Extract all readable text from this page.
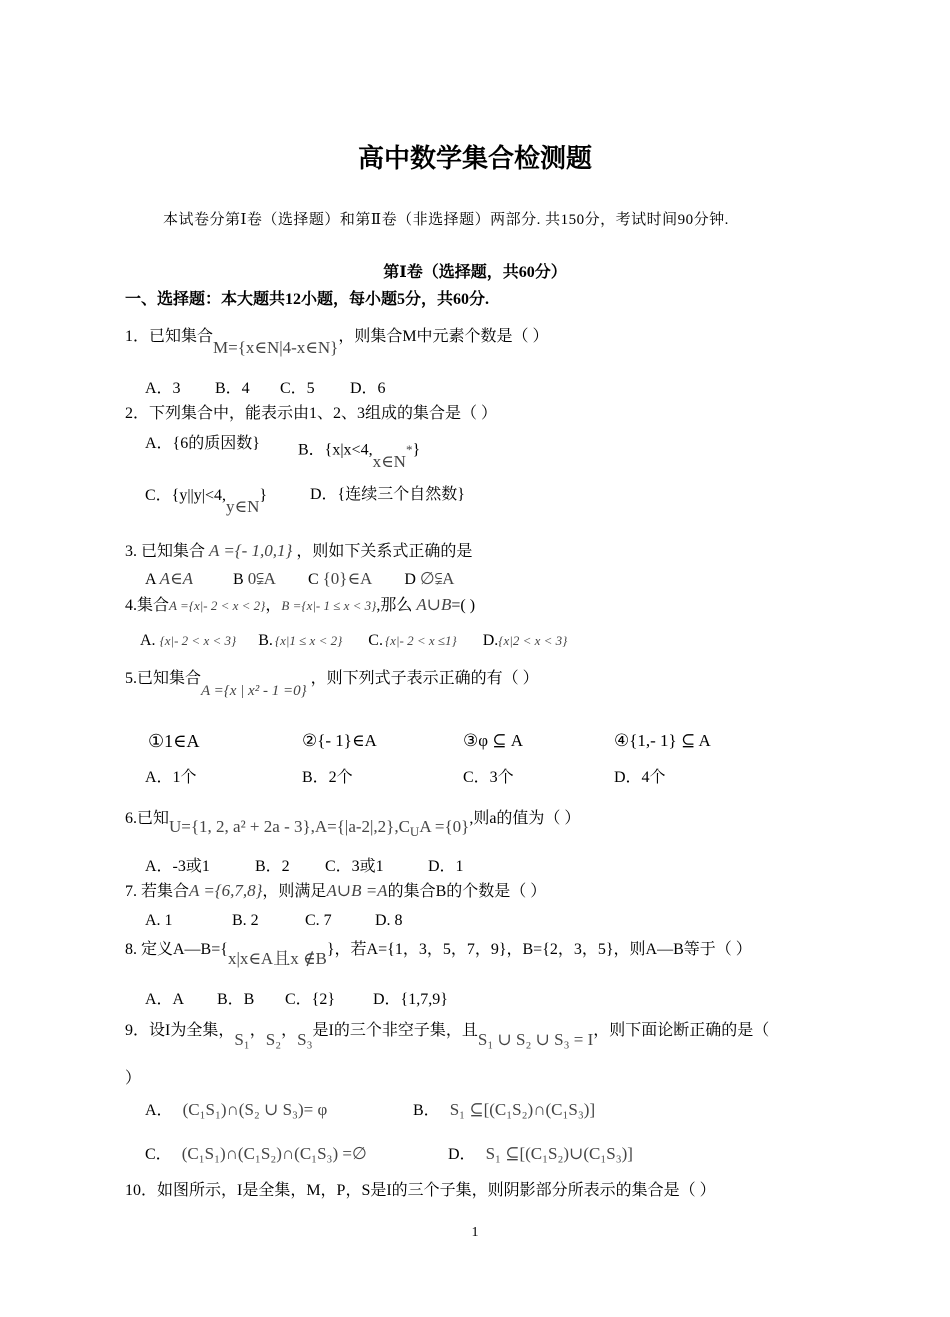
高中数学集合检测题
本试卷分第Ⅰ卷（选择题）和第Ⅱ卷（非选择题）两部分. 共150分，考试时间90分钟.
第Ⅰ卷（选择题，共60分）
一、选择题：本大题共12小题，每小题5分，共60分.
1．已知集合M={x∈N|4-x∈N}，则集合M中元素个数是（ ）
A．3 B．4 C．5 D．6
2．下列集合中，能表示由1、2、3组成的集合是（ ）
A．{6的质因数} B．{x|x<4,x∈N*}
C．{y||y|<4,y∈N}	D．{连续三个自然数}
3. 已知集合 A ={- 1,0,1} ，则如下关系式正确的是
A A∈A	B 0⫋A C {0}∈A D ∅⫋A
4.集合A ={x|- 2 < x < 2}，B ={x|- 1 ≤ x < 3},那么 A∪B=( )
A. {x|- 2 < x < 3} B. {x|1 ≤ x < 2} C. {x|- 2 < x ≤1} D.{x|2 < x < 3}
5.已知集合A ={x | x² - 1 =0}，则下列式子表示正确的有（ ）
①1∈A	②{- 1}∈A	③φ ⊆ A	④{1,- 1} ⊆ A
A．1个	B．2个	C．3个	D．4个
6.已知U={1, 2, $a^2 + 2a - 3\},A=\{|a-2|,2\},C_UA =\{0\}$,则a的值为（ ）
A．-3或1	B．2 C．3或1	D．1
7. 若集合A ={6,7,8}，则满足A∪B =A的集合B的个数是（ ）
A. 1	B. 2	C. 7	D. 8
8. 定义A—B={x|x∈A且x ∉B}，若A={1，3，5，7，9}，B={2，3，5}，则A—B等于（ ）
A．A B．B C．{2} D．{1,7,9}
9．设I为全集，S₁，S₂，S₃是I的三个非空子集，且S₁ ∪ S₂ ∪ S₃ = I，则下面论断正确的是（
）
A． (C₁S₁)∩(S₂ ∪ S₃)= φ	B． S₁ ⊆[(C₁S₂)∩(C₁S₃)]
C． (C₁S₁)∩(C₁S₂)∩(C₁S₃) =∅	D． S₁ ⊆[(C₁S₂)∪(C₁S₃)]
10．如图所示，I是全集，M，P，S是I的三个子集，则阴影部分所表示的集合是（ ）
1
